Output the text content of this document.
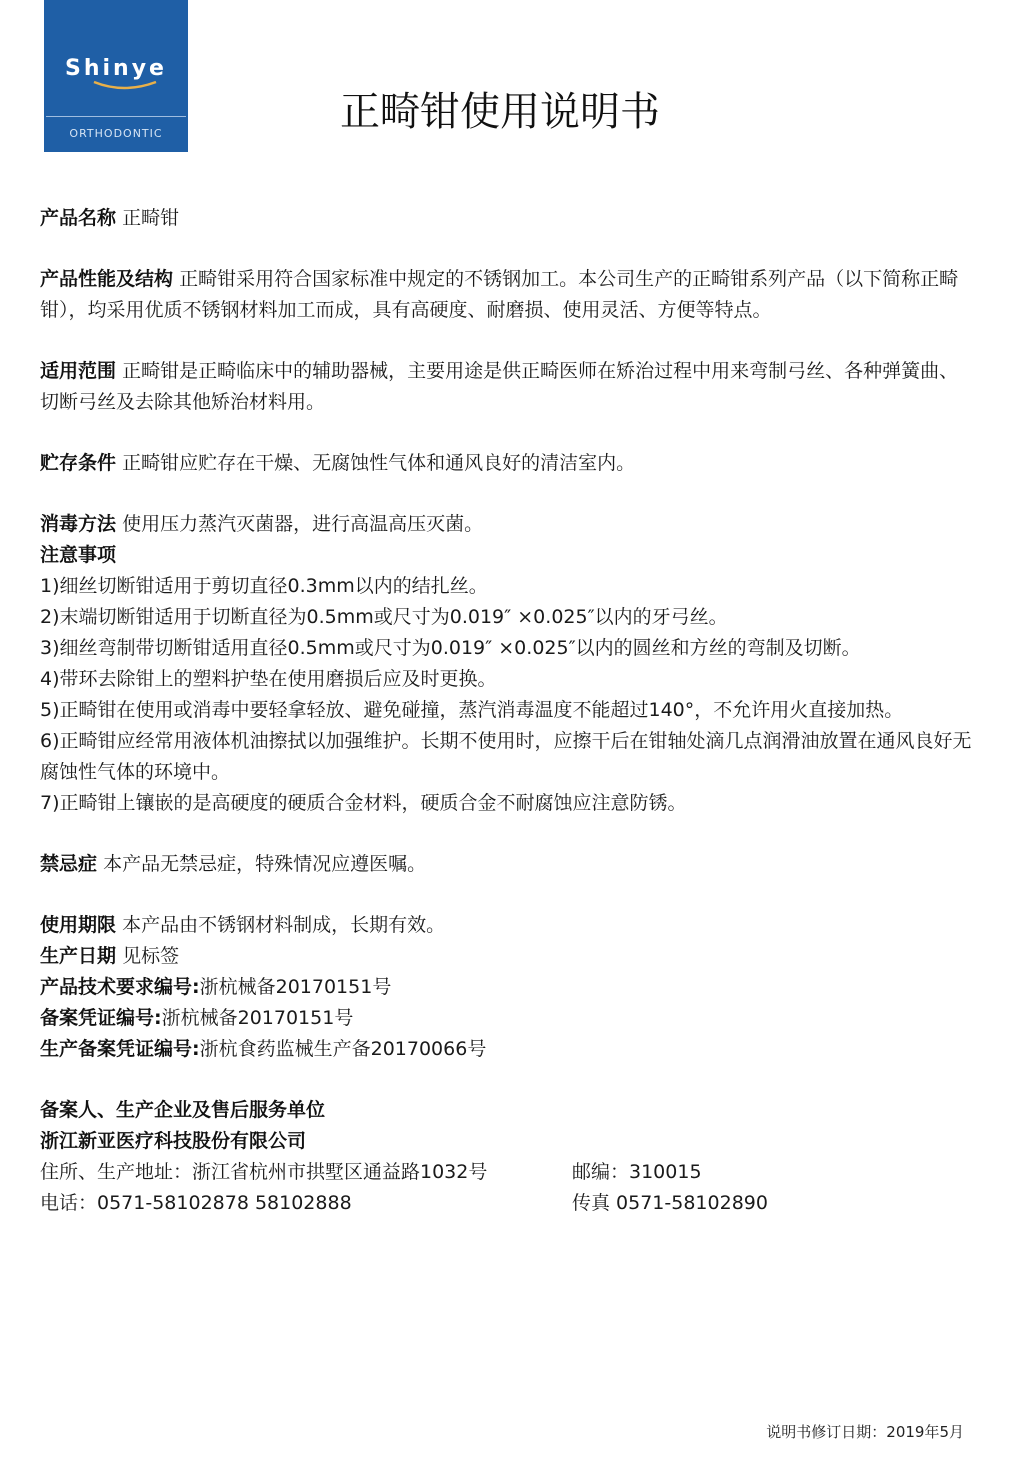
Shinye
ORTHODONTIC	正畸钳使用说明书

产品名称 正畸钳

产品性能及结构 正畸钳采用符合国家标准中规定的不锈钢加工。本公司生产的正畸钳系列产品（以下简称正畸钳），均采用优质不锈钢材料加工而成，具有高硬度、耐磨损、使用灵活、方便等特点。

适用范围 正畸钳是正畸临床中的辅助器械，主要用途是供正畸医师在矫治过程中用来弯制弓丝、各种弹簧曲、切断弓丝及去除其他矫治材料用。

贮存条件 正畸钳应贮存在干燥、无腐蚀性气体和通风良好的清洁室内。

消毒方法 使用压力蒸汽灭菌器，进行高温高压灭菌。

注意事项

1)细丝切断钳适用于剪切直径0.3mm以内的结扎丝。

2)末端切断钳适用于切断直径为0.5mm或尺寸为0.019″ ×0.025″以内的牙弓丝。

3)细丝弯制带切断钳适用直径0.5mm或尺寸为0.019″ ×0.025″以内的圆丝和方丝的弯制及切断。

4)带环去除钳上的塑料护垫在使用磨损后应及时更换。

5)正畸钳在使用或消毒中要轻拿轻放、避免碰撞，蒸汽消毒温度不能超过140°，不允许用火直接加热。

6)正畸钳应经常用液体机油擦拭以加强维护。长期不使用时，应擦干后在钳轴处滴几点润滑油放置在通风良好无腐蚀性气体的环境中。

7)正畸钳上镶嵌的是高硬度的硬质合金材料，硬质合金不耐腐蚀应注意防锈。

禁忌症 本产品无禁忌症，特殊情况应遵医嘱。

使用期限 本产品由不锈钢材料制成，长期有效。

生产日期 见标签

产品技术要求编号:浙杭械备20170151号

备案凭证编号:浙杭械备20170151号

生产备案凭证编号:浙杭食药监械生产备20170066号

备案人、生产企业及售后服务单位

浙江新亚医疗科技股份有限公司

住所、生产地址：浙江省杭州市拱墅区通益路1032号	邮编：310015
电话：0571-58102878 58102888	传真 0571-58102890
说明书修订日期：2019年5月
